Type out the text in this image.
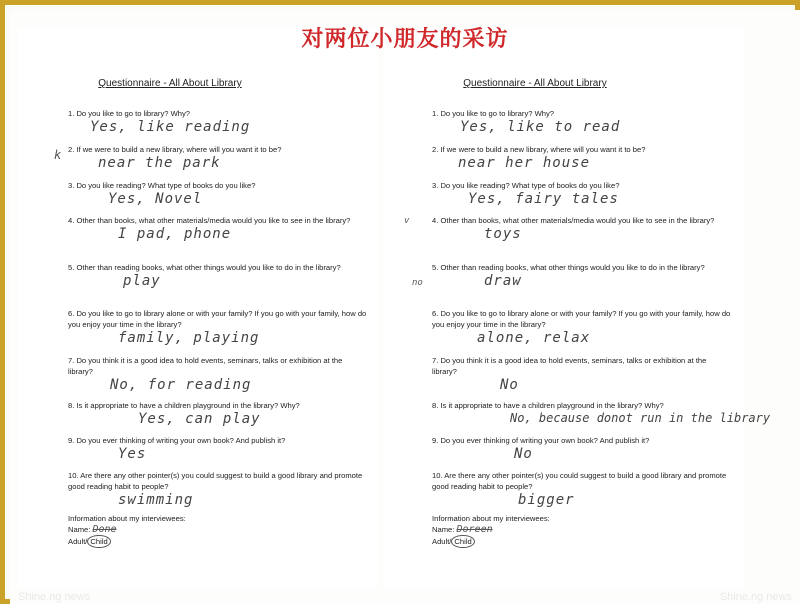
对两位小朋友的采访
Questionnaire - All About Library	Questionnaire - All About Library
1. Do you like to go to library? Why?
Yes, like reading
2. If we were to build a new library, where will you want it to be?
near the park
3. Do you like reading? What type of books do you like?
Yes, Novel
4. Other than books, what other materials/media would you like to see in the library?
I pad, phone
5. Other than reading books, what other things would you like to do in the library?
play
6. Do you like to go to library alone or with your family? If you go with your family, how do you enjoy your time in the library?
family, playing
7. Do you think it is a good idea to hold events, seminars, talks or exhibition at the library?
No, for reading
8. Is it appropriate to have a children playground in the library? Why?
Yes, can play
9. Do you ever thinking of writing your own book? And publish it?
Yes
10. Are there any other pointer(s) you could suggest to build a good library and promote good reading habit to people?
swimming
Information about my interviewees:
Name: Done
Adult/ Child
k
1. Do you like to go to library? Why?
Yes, like to read
2. If we were to build a new library, where will you want it to be?
near her house
3. Do you like reading? What type of books do you like?
Yes, fairy tales
4. Other than books, what other materials/media would you like to see in the library?
toys
5. Other than reading books, what other things would you like to do in the library?
draw
6. Do you like to go to library alone or with your family? If you go with your family, how do you enjoy your time in the library?
alone, relax
7. Do you think it is a good idea to hold events, seminars, talks or exhibition at the library?
No
8. Is it appropriate to have a children playground in the library? Why?
No, because donot run in the library
9. Do you ever thinking of writing your own book? And publish it?
No
10. Are there any other pointer(s) you could suggest to build a good library and promote good reading habit to people?
bigger
Information about my interviewees:
Name: Doreen
Adult/ Child
v
no
Shine.ng news	Shine.ng news
